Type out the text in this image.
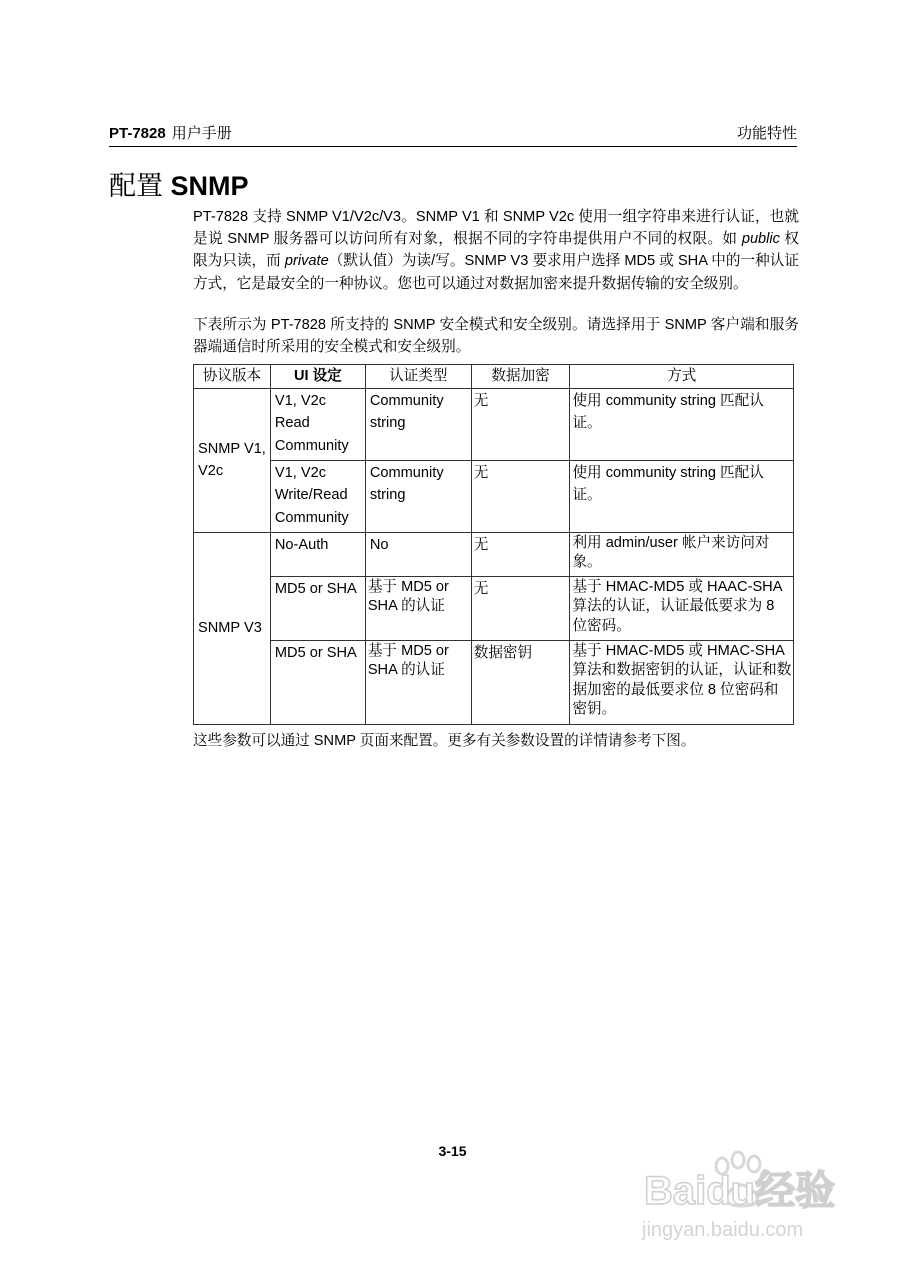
PT-7828 用户手册	功能特性
配置 SNMP
PT-7828 支持 SNMP V1/V2c/V3。SNMP V1 和 SNMP V2c 使用一组字符串来进行认证，也就是说 SNMP 服务器可以访问所有对象，根据不同的字符串提供用户不同的权限。如 public 权限为只读，而 private（默认值）为读/写。SNMP V3 要求用户选择 MD5 或 SHA 中的一种认证方式，它是最安全的一种协议。您也可以通过对数据加密来提升数据传输的安全级别。
下表所示为 PT-7828 所支持的 SNMP 安全模式和安全级别。请选择用于 SNMP 客户端和服务器端通信时所采用的安全模式和安全级别。
协议版本	UI 设定	认证类型	数据加密	方式
SNMP V1, V2c	V1, V2c Read Community	Community string	无	使用 community string 匹配认证。
	V1, V2c Write/Read Community	Community string	无	使用 community string 匹配认证。
SNMP V3	No-Auth	No	无	利用 admin/user 帐户来访问对象。
	MD5 or SHA	基于 MD5 or SHA 的认证	无	基于 HMAC-MD5 或 HAAC-SHA 算法的认证，认证最低要求为 8 位密码。
	MD5 or SHA	基于 MD5 or SHA 的认证	数据密钥	基于 HMAC-MD5 或 HMAC-SHA 算法和数据密钥的认证，认证和数据加密的最低要求位 8 位密码和密钥。
这些参数可以通过 SNMP 页面来配置。更多有关参数设置的详情请参考下图。
3-15
Baidu经验
jingyan.baidu.com
